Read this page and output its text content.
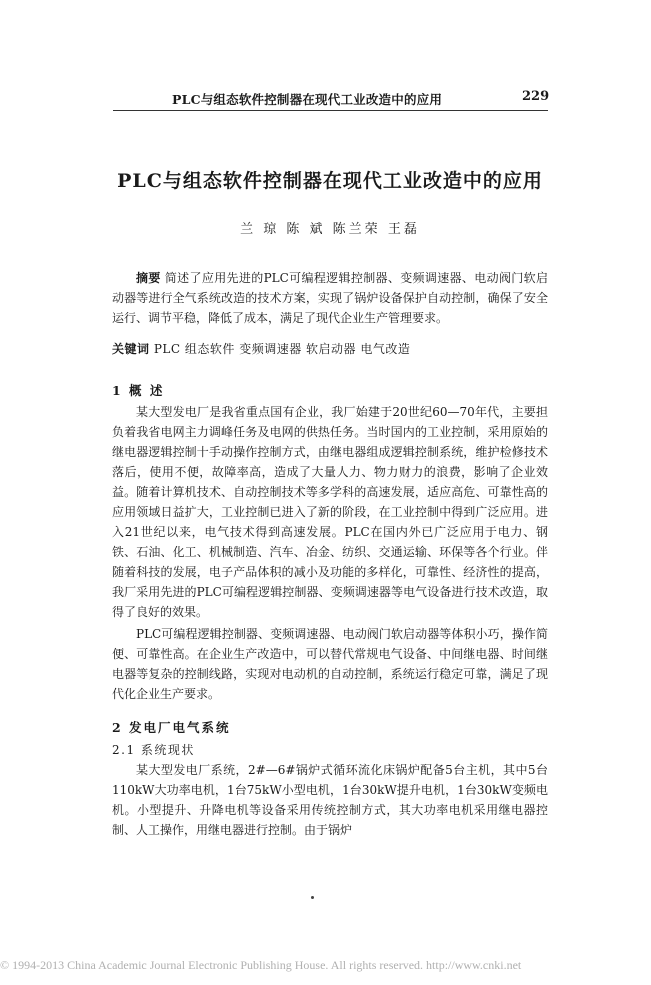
PLC与组态软件控制器在现代工业改造中的应用	229
PLC与组态软件控制器在现代工业改造中的应用
兰 琼 陈 斌 陈兰荣 王磊
摘要 简述了应用先进的PLC可编程逻辑控制器、变频调速器、电动阀门软启动器等进行全气系统改造的技术方案，实现了锅炉设备保护自动控制，确保了安全运行、调节平稳，降低了成本，满足了现代企业生产管理要求。
关键词 PLC 组态软件 变频调速器 软启动器 电气改造
1 概 述
某大型发电厂是我省重点国有企业，我厂始建于20世纪60—70年代，主要担负着我省电网主力调峰任务及电网的供热任务。当时国内的工业控制，采用原始的继电器逻辑控制十手动操作控制方式，由继电器组成逻辑控制系统，维护检修技术落后，使用不便，故障率高，造成了大量人力、物力财力的浪费，影响了企业效益。随着计算机技术、自动控制技术等多学科的高速发展，适应高危、可靠性高的应用领域日益扩大，工业控制已进入了新的阶段，在工业控制中得到广泛应用。进入21世纪以来，电气技术得到高速发展。PLC在国内外已广泛应用于电力、钢铁、石油、化工、机械制造、汽车、冶金、纺织、交通运输、环保等各个行业。伴随着科技的发展，电子产品体积的减小及功能的多样化，可靠性、经济性的提高，我厂采用先进的PLC可编程逻辑控制器、变频调速器等电气设备进行技术改造，取得了良好的效果。
PLC可编程逻辑控制器、变频调速器、电动阀门软启动器等体积小巧，操作简便、可靠性高。在企业生产改造中，可以替代常规电气设备、中间继电器、时间继电器等复杂的控制线路，实现对电动机的自动控制，系统运行稳定可靠，满足了现代化企业生产要求。
2 发电厂电气系统
2.1 系统现状
某大型发电厂系统，2#—6#锅炉式循环流化床锅炉配备5台主机，其中5台110kW大功率电机，1台75kW小型电机，1台30kW提升电机，1台30kW变频电机。小型提升、升降电机等设备采用传统控制方式，其大功率电机采用继电器控制、人工操作，用继电器进行控制。由于锅炉
© 1994-2013 China Academic Journal Electronic Publishing House. All rights reserved. http://www.cnki.net
